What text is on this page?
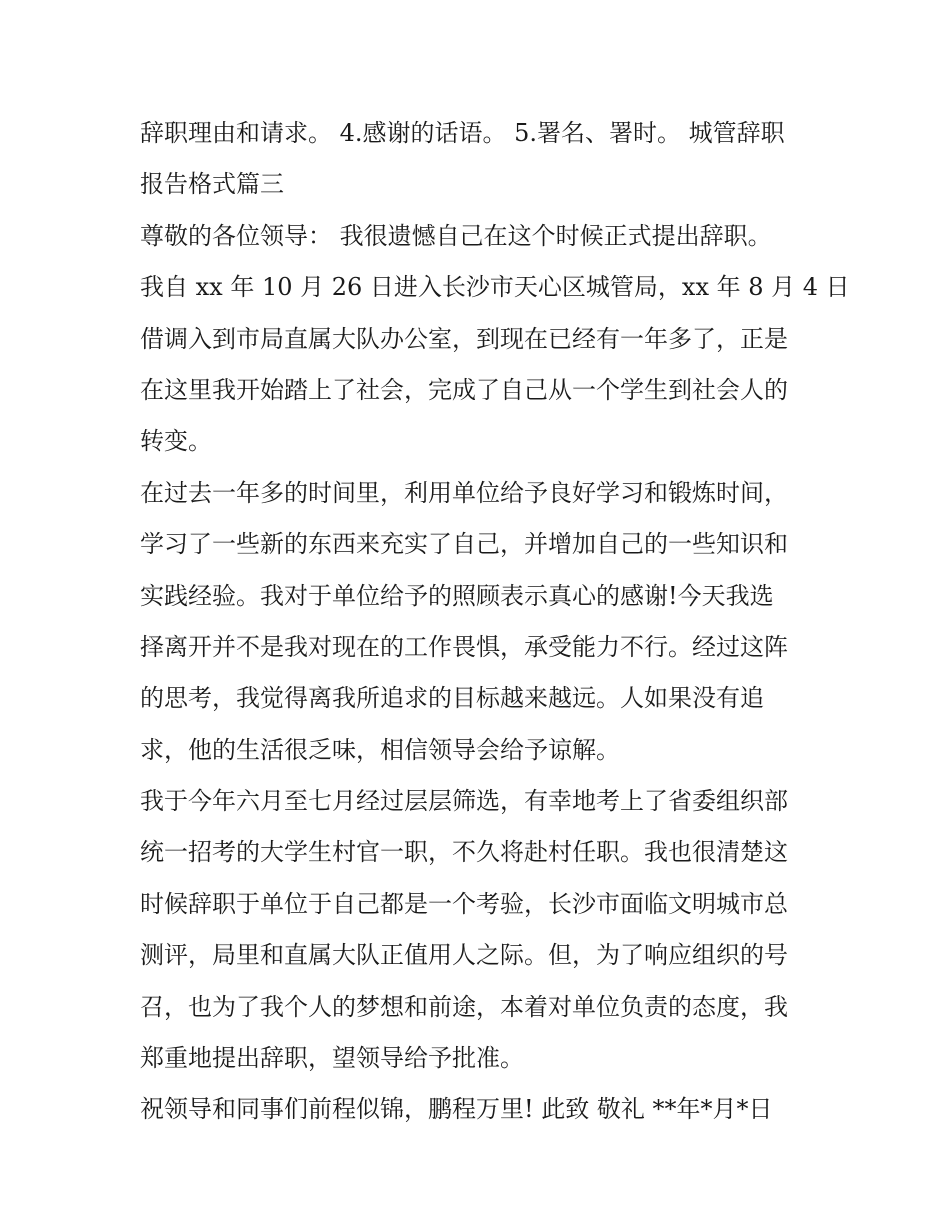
辞职理由和请求。 4.感谢的话语。 5.署名、署时。 城管辞职
报告格式篇三
尊敬的各位领导： 我很遗憾自己在这个时候正式提出辞职。
我自 xx 年 10 月 26 日进入长沙市天心区城管局，xx 年 8 月 4 日
借调入到市局直属大队办公室，到现在已经有一年多了，正是
在这里我开始踏上了社会，完成了自己从一个学生到社会人的
转变。
在过去一年多的时间里，利用单位给予良好学习和锻炼时间，
学习了一些新的东西来充实了自己，并增加自己的一些知识和
实践经验。我对于单位给予的照顾表示真心的感谢!今天我选
择离开并不是我对现在的工作畏惧，承受能力不行。经过这阵
的思考，我觉得离我所追求的目标越来越远。人如果没有追
求，他的生活很乏味，相信领导会给予谅解。
我于今年六月至七月经过层层筛选，有幸地考上了省委组织部
统一招考的大学生村官一职，不久将赴村任职。我也很清楚这
时候辞职于单位于自己都是一个考验，长沙市面临文明城市总
测评，局里和直属大队正值用人之际。但，为了响应组织的号
召，也为了我个人的梦想和前途，本着对单位负责的态度，我
郑重地提出辞职，望领导给予批准。
祝领导和同事们前程似锦，鹏程万里! 此致 敬礼 **年*月*日
